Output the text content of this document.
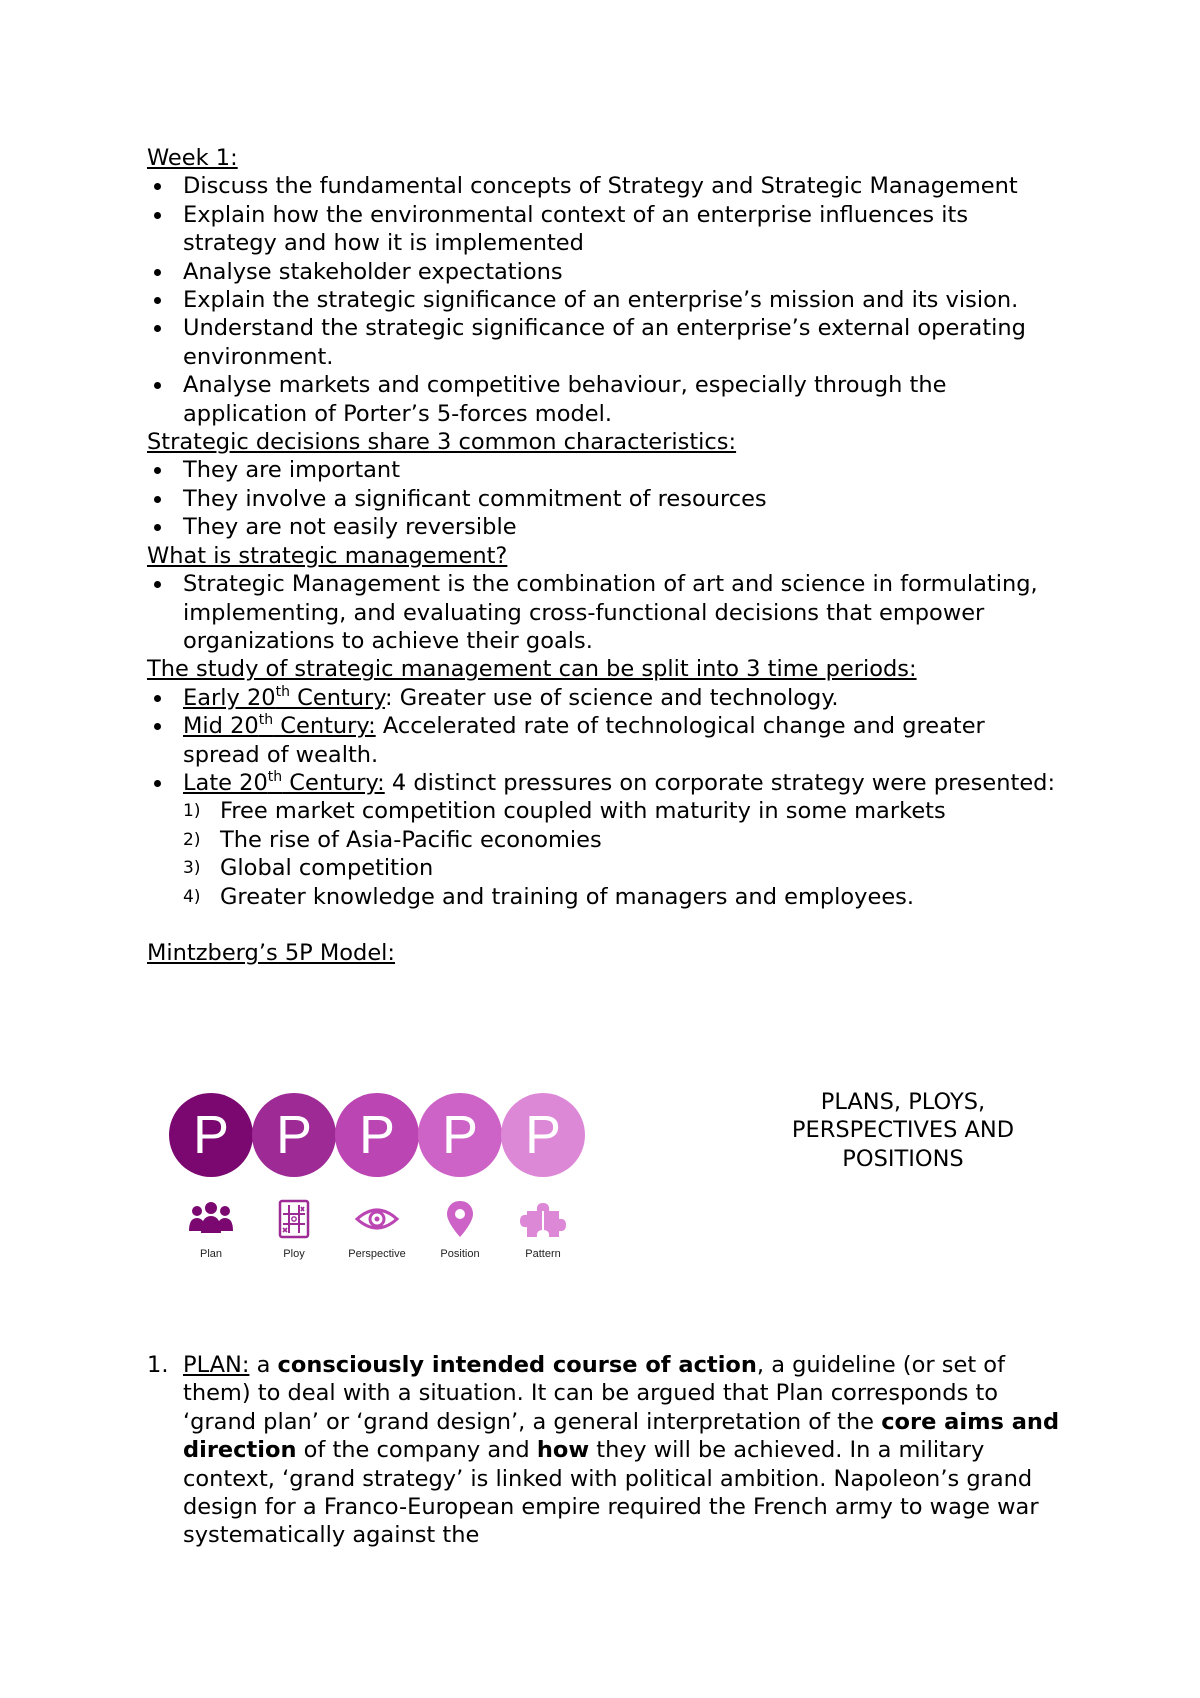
Week 1:
Discuss the fundamental concepts of Strategy and Strategic Management
Explain how the environmental context of an enterprise influences its strategy and how it is implemented
Analyse stakeholder expectations
Explain the strategic significance of an enterprise’s mission and its vision.
Understand the strategic significance of an enterprise’s external operating environment.
Analyse markets and competitive behaviour, especially through the application of Porter’s 5-forces model.
Strategic decisions share 3 common characteristics:
They are important
They involve a significant commitment of resources
They are not easily reversible
What is strategic management?
Strategic Management is the combination of art and science in formulating, implementing, and evaluating cross-functional decisions that empower organizations to achieve their goals.
The study of strategic management can be split into 3 time periods:
Early 20th Century: Greater use of science and technology.
Mid 20th Century: Accelerated rate of technological change and greater spread of wealth.
Late 20th Century: 4 distinct pressures on corporate strategy were presented:
1) Free market competition coupled with maturity in some markets
2) The rise of Asia-Pacific economies
3) Global competition
4) Greater knowledge and training of managers and employees.
Mintzberg’s 5P Model:
P P P P P
Plan	Ploy	Perspective	Position	Pattern
PLANS, PLOYS, PERSPECTIVES AND POSITIONS
1. PLAN: a consciously intended course of action, a guideline (or set of them) to deal with a situation. It can be argued that Plan corresponds to ‘grand plan’ or ‘grand design’, a general interpretation of the core aims and direction of the company and how they will be achieved. In a military context, ‘grand strategy’ is linked with political ambition. Napoleon’s grand design for a Franco-European empire required the French army to wage war systematically against the
